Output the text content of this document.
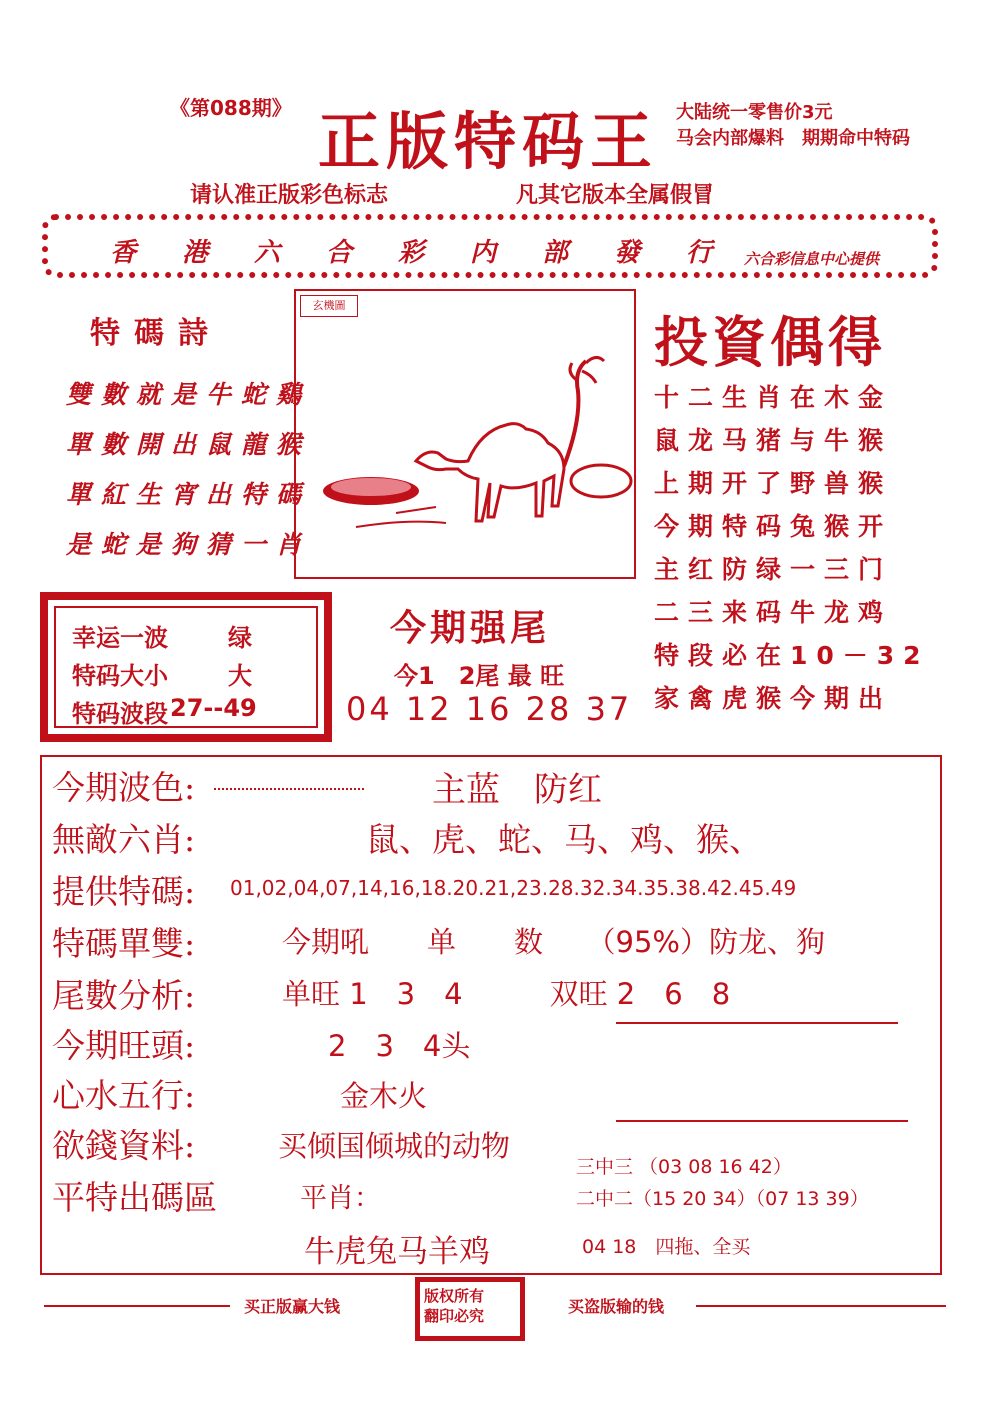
《第088期》 正版特码王 大陆统一零售价3元
马会内部爆料　期期命中特码
请认准正版彩色标志	凡其它版本全属假冒
香港六合彩内部發行
六合彩信息中心提供
特碼詩
雙數就是牛蛇鷄
單數開出鼠龍猴
單紅生宵出特碼
是蛇是狗猜一肖
玄機圖
投資偶得
十二生肖在木金
鼠龙马猪与牛猴
上期开了野兽猴
今期特码兔猴开
主红防绿一三门
二三来码牛龙鸡
特段必在10－32
家禽虎猴今期出
幸运一波	绿
特码大小	大
特码波段 27--49
今期强尾
今1　2尾 最 旺
04 12 16 28 37
今期波色:	主蓝　防红
無敵六肖:	鼠、虎、蛇、马、鸡、猴、
提供特碼: 01,02,04,07,14,16,18.20.21,23.28.32.34.35.38.42.45.49
特碼單雙:	今期吼　　单　　数　　（95%）防龙、狗
尾數分析:	单旺 1　3　4　　　双旺 2　6　8
今期旺頭:	2　3　4头
心水五行:	金木火
欲錢資料:	买倾国倾城的动物
平特出碼區	平肖：
牛虎兔马羊鸡
三中三 （03 08 16 42）
二中二（15 20 34）（07 13 39）
04 18　四拖、全买
买正版赢大钱
版权所有
翻印必究	买盗版输的钱
